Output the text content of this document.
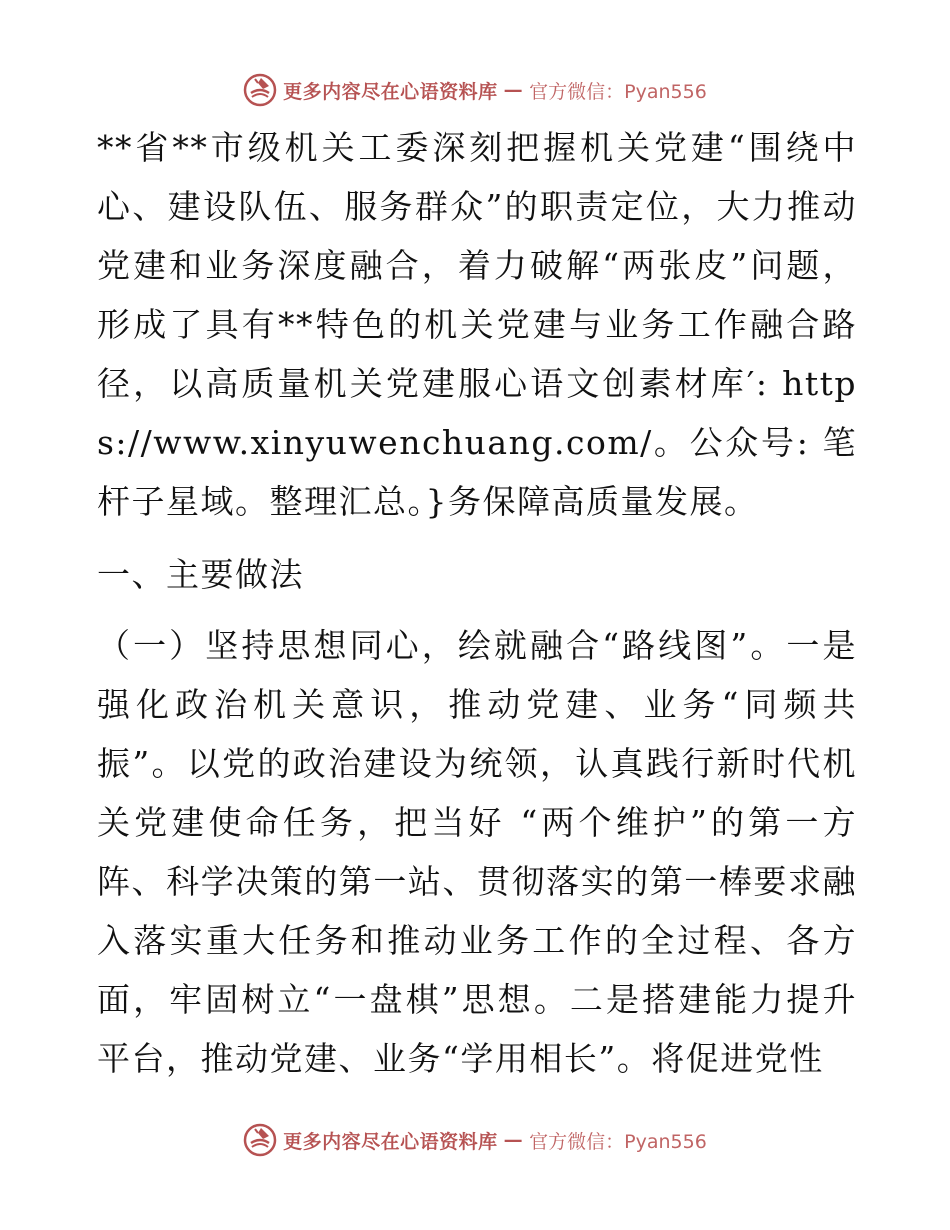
更多内容尽在心语资料库 — 官方微信：Pyan556

**省**市级机关工委深刻把握机关党建“围绕中心、建设队伍、服务群众”的职责定位，大力推动党建和业务深度融合，着力破解“两张皮”问题，形成了具有**特色的机关党建与业务工作融合路径，以高质量机关党建服心语文创素材库′: https://www.xinyuwenchuang.com/。公众号: 笔杆子星域。整理汇总。}务保障高质量发展。

一、主要做法

（一）坚持思想同心，绘就融合“路线图”。一是强化政治机关意识，推动党建、业务“同频共振”。以党的政治建设为统领，认真践行新时代机关党建使命任务，把当好 “两个维护”的第一方阵、科学决策的第一站、贯彻落实的第一棒要求融入落实重大任务和推动业务工作的全过程、各方面，牢固树立“一盘棋”思想。二是搭建能力提升平台，推动党建、业务“学用相长”。将促进党性

更多内容尽在心语资料库 — 官方微信：Pyan556
